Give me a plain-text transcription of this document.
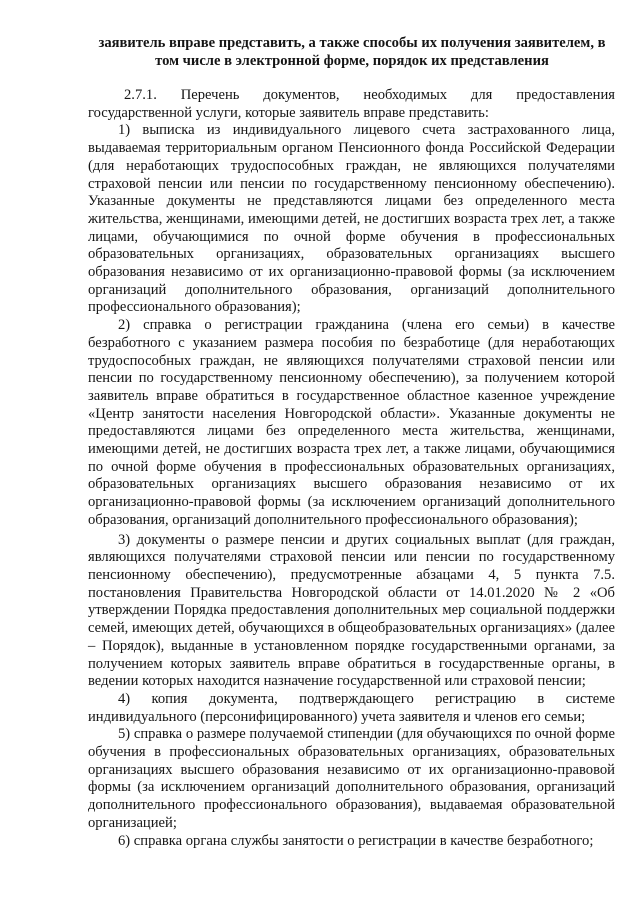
заявитель вправе представить, а также способы их получения заявителем, в том числе в электронной форме, порядок их представления

2.7.1. Перечень документов, необходимых для предоставления государственной услуги, которые заявитель вправе представить:

1) выписка из индивидуального лицевого счета застрахованного лица, выдаваемая территориальным органом Пенсионного фонда Российской Федерации (для неработающих трудоспособных граждан, не являющихся получателями страховой пенсии или пенсии по государственному пенсионному обеспечению). Указанные документы не представляются лицами без определенного места жительства, женщинами, имеющими детей, не достигших возраста трех лет, а также лицами, обучающимися по очной форме обучения в профессиональных образовательных организациях, образовательных организациях высшего образования независимо от их организационно-правовой формы (за исключением организаций дополнительного образования, организаций дополнительного профессионального образования);

2) справка о регистрации гражданина (члена его семьи) в качестве безработного с указанием размера пособия по безработице (для неработающих трудоспособных граждан, не являющихся получателями страховой пенсии или пенсии по государственному пенсионному обеспечению), за получением которой заявитель вправе обратиться в государственное областное казенное учреждение «Центр занятости населения Новгородской области». Указанные документы не предоставляются лицами без определенного места жительства, женщинами, имеющими детей, не достигших возраста трех лет, а также лицами, обучающимися по очной форме обучения в профессиональных образовательных организациях, образовательных организациях высшего образования независимо от их организационно-правовой формы (за исключением организаций дополнительного образования, организаций дополнительного профессионального образования);

3) документы о размере пенсии и других социальных выплат (для граждан, являющихся получателями страховой пенсии или пенсии по государственному пенсионному обеспечению), предусмотренные абзацами 4, 5 пункта 7.5. постановления Правительства Новгородской области от 14.01.2020 № 2 «Об утверждении Порядка предоставления дополнительных мер социальной поддержки семей, имеющих детей, обучающихся в общеобразовательных организациях» (далее – Порядок), выданные в установленном порядке государственными органами, за получением которых заявитель вправе обратиться в государственные органы, в ведении которых находится назначение государственной или страховой пенсии;

4) копия документа, подтверждающего регистрацию в системе индивидуального (персонифицированного) учета заявителя и членов его семьи;

5) справка о размере получаемой стипендии (для обучающихся по очной форме обучения в профессиональных образовательных организациях, образовательных организациях высшего образования независимо от их организационно-правовой формы (за исключением организаций дополнительного образования, организаций дополнительного профессионального образования), выдаваемая образовательной организацией;

6) справка органа службы занятости о регистрации в качестве безработного;
